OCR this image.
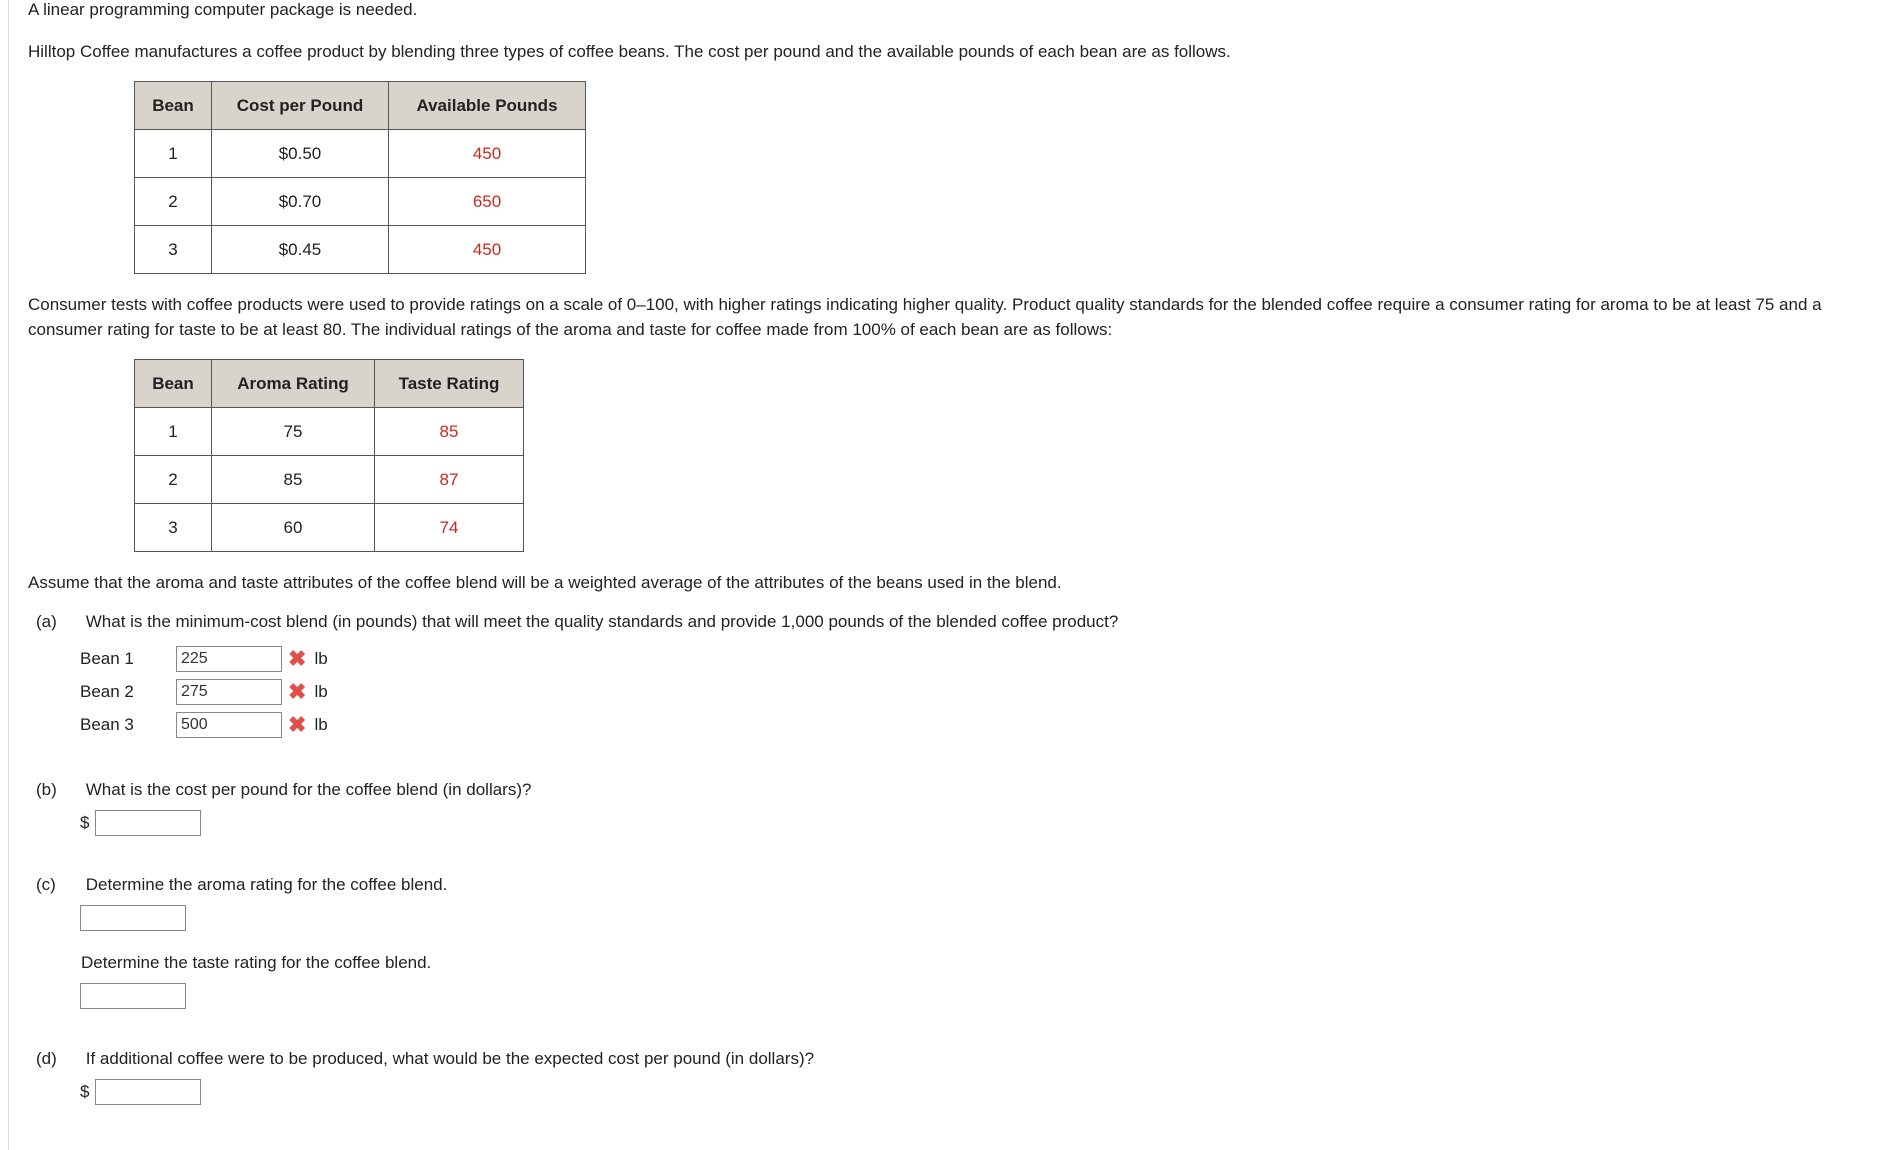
A linear programming computer package is needed.

Hilltop Coffee manufactures a coffee product by blending three types of coffee beans. The cost per pound and the available pounds of each bean are as follows.

Bean	Cost per Pound	Available Pounds
1	$0.50	450
2	$0.70	650
3	$0.45	450

Consumer tests with coffee products were used to provide ratings on a scale of 0–100, with higher ratings indicating higher quality. Product quality standards for the blended coffee require a consumer rating for aroma to be at least 75 and a consumer rating for taste to be at least 80. The individual ratings of the aroma and taste for coffee made from 100% of each bean are as follows:

Bean	Aroma Rating	Taste Rating
1	75	85
2	85	87
3	60	74

Assume that the aroma and taste attributes of the coffee blend will be a weighted average of the attributes of the beans used in the blend.

(a) What is the minimum-cost blend (in pounds) that will meet the quality standards and provide 1,000 pounds of the blended coffee product?
Bean 1
225	✖ lb
Bean 2
275	✖ lb
Bean 3
500	✖ lb
(b) What is the cost per pound for the coffee blend (in dollars)?
$
(c) Determine the aroma rating for the coffee blend.
Determine the taste rating for the coffee blend.
(d) If additional coffee were to be produced, what would be the expected cost per pound (in dollars)?
$
